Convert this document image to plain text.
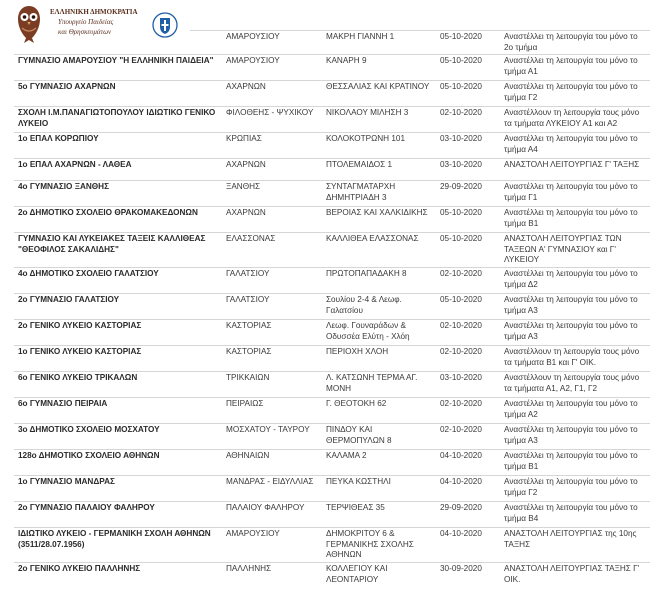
	ΑΜΑΡΟΥΣΙΟΥ	ΜΑΚΡΗ ΓΙΑΝΝΗ 1	05-10-2020	Αναστέλλει τη λειτουργία του μόνο το 2ο τμήμα
ΓΥΜΝΑΣΙΟ ΑΜΑΡΟΥΣΙΟΥ "Η ΕΛΛΗΝΙΚΗ ΠΑΙΔΕΙΑ"	ΑΜΑΡΟΥΣΙΟΥ	ΚΑΝΑΡΗ 9	05-10-2020	Αναστέλλει τη λειτουργία του μόνο το τμήμα Α1
5ο ΓΥΜΝΑΣΙΟ ΑΧΑΡΝΩΝ	ΑΧΑΡΝΩΝ	ΘΕΣΣΑΛΙΑΣ ΚΑΙ ΚΡΑΤΙΝΟΥ	05-10-2020	Αναστέλλει τη λειτουργία του μόνο το τμήμα Γ2
ΣΧΟΛΗ Ι.Μ.ΠΑΝΑΓΙΩΤΟΠΟΥΛΟΥ ΙΔΙΩΤΙΚΟ ΓΕΝΙΚΟ ΛΥΚΕΙΟ	ΦΙΛΟΘΕΗΣ - ΨΥΧΙΚΟΥ	ΝΙΚΟΛΑΟΥ ΜΙΛΗΣΗ 3	02-10-2020	Αναστέλλουν τη λειτουργία τους μόνο τα τμήματα ΛΥΚΕΙΟΥ Α1 και Α2
1ο ΕΠΑΛ ΚΟΡΩΠΙΟΥ	ΚΡΩΠΙΑΣ	ΚΟΛΟΚΟΤΡΩΝΗ 101	03-10-2020	Αναστέλλει τη λειτουργία του μόνο το τμήμα Α4
1ο ΕΠΑΛ ΑΧΑΡΝΩΝ - ΛΑΘΕΑ	ΑΧΑΡΝΩΝ	ΠΤΟΛΕΜΑΙΔΟΣ 1	03-10-2020	ΑΝΑΣΤΟΛΗ ΛΕΙΤΟΥΡΓΙΑΣ Γ' ΤΑΞΗΣ
4ο ΓΥΜΝΑΣΙΟ ΞΑΝΘΗΣ	ΞΑΝΘΗΣ	ΣΥΝΤΑΓΜΑΤΑΡΧΗ ΔΗΜΗΤΡΙΑΔΗ 3	29-09-2020	Αναστέλλει τη λειτουργία του μόνο το τμήμα Γ1
2ο ΔΗΜΟΤΙΚΟ ΣΧΟΛΕΙΟ ΘΡΑΚΟΜΑΚΕΔΟΝΩΝ	ΑΧΑΡΝΩΝ	ΒΕΡΟΙΑΣ ΚΑΙ ΧΑΛΚΙΔΙΚΗΣ	05-10-2020	Αναστέλλει τη λειτουργία του μόνο το τμήμα Β1
ΓΥΜΝΑΣΙΟ ΚΑΙ ΛΥΚΕΙΑΚΕΣ ΤΑΞΕΙΣ ΚΑΛΛΙΘΕΑΣ "ΘΕΟΦΙΛΟΣ ΣΑΚΑΛΙΔΗΣ"	ΕΛΑΣΣΟΝΑΣ	ΚΑΛΛΙΘΕΑ ΕΛΑΣΣΟΝΑΣ	05-10-2020	ΑΝΑΣΤΟΛΗ ΛΕΙΤΟΥΡΓΙΑΣ ΤΩΝ ΤΑΞΕΩΝ Α' ΓΥΜΝΑΣΙΟΥ και Γ' ΛΥΚΕΙΟΥ
4ο ΔΗΜΟΤΙΚΟ ΣΧΟΛΕΙΟ ΓΑΛΑΤΣΙΟΥ	ΓΑΛΑΤΣΙΟΥ	ΠΡΩΤΟΠΑΠΑΔΑΚΗ 8	02-10-2020	Αναστέλλει τη λειτουργία του μόνο το τμήμα Δ2
2ο ΓΥΜΝΑΣΙΟ ΓΑΛΑΤΣΙΟΥ	ΓΑΛΑΤΣΙΟΥ	Σουλίου 2-4 & Λεωφ. Γαλατσίου	05-10-2020	Αναστέλλει τη λειτουργία του μόνο το τμήμα Α3
2ο ΓΕΝΙΚΟ ΛΥΚΕΙΟ ΚΑΣΤΟΡΙΑΣ	ΚΑΣΤΟΡΙΑΣ	Λεωφ. Γουναράδων & Οδυσσέα Ελύτη - Χλόη	02-10-2020	Αναστέλλει τη λειτουργία του μόνο το τμήμα Α3
1ο ΓΕΝΙΚΟ ΛΥΚΕΙΟ ΚΑΣΤΟΡΙΑΣ	ΚΑΣΤΟΡΙΑΣ	ΠΕΡΙΟΧΗ ΧΛΟΗ	02-10-2020	Αναστέλλουν τη λειτουργία τους μόνο τα τμήματα Β1 και Γ' ΟΙΚ.
6ο ΓΕΝΙΚΟ ΛΥΚΕΙΟ ΤΡΙΚΑΛΩΝ	ΤΡΙΚΚΑΙΩΝ	Λ. ΚΑΤΣΩΝΗ ΤΕΡΜΑ ΑΓ. ΜΟΝΗ	03-10-2020	Αναστέλλουν τη λειτουργία τους μόνο τα τμήματα Α1, Α2, Γ1, Γ2
6ο ΓΥΜΝΑΣΙΟ ΠΕΙΡΑΙΑ	ΠΕΙΡΑΙΩΣ	Γ. ΘΕΟΤΟΚΗ 62	02-10-2020	Αναστέλλει τη λειτουργία του μόνο το τμήμα Α2
3ο ΔΗΜΟΤΙΚΟ ΣΧΟΛΕΙΟ ΜΟΣΧΑΤΟΥ	ΜΟΣΧΑΤΟΥ - ΤΑΥΡΟΥ	ΠΙΝΔΟΥ ΚΑΙ ΘΕΡΜΟΠΥΛΩΝ 8	02-10-2020	Αναστέλλει τη λειτουργία του μόνο το τμήμα Α3
128ο ΔΗΜΟΤΙΚΟ ΣΧΟΛΕΙΟ ΑΘΗΝΩΝ	ΑΘΗΝΑΙΩΝ	ΚΑΛΑΜΑ 2	04-10-2020	Αναστέλλει τη λειτουργία του μόνο το τμήμα Β1
1ο ΓΥΜΝΑΣΙΟ ΜΑΝΔΡΑΣ	ΜΑΝΔΡΑΣ - ΕΙΔΥΛΛΙΑΣ	ΠΕΥΚΑ ΚΩΣΤΗΛΙ	04-10-2020	Αναστέλλει τη λειτουργία του μόνο το τμήμα Γ2
2ο ΓΥΜΝΑΣΙΟ ΠΑΛΑΙΟΥ ΦΑΛΗΡΟΥ	ΠΑΛΑΙΟΥ ΦΑΛΗΡΟΥ	ΤΕΡΨΙΘΕΑΣ 35	29-09-2020	Αναστέλλει τη λειτουργία του μόνο το τμήμα Β4
ΙΔΙΩΤΙΚΟ ΛΥΚΕΙΟ - ΓΕΡΜΑΝΙΚΗ ΣΧΟΛΗ ΑΘΗΝΩΝ (3511/28.07.1956)	ΑΜΑΡΟΥΣΙΟΥ	ΔΗΜΟΚΡΙΤΟΥ 6 & ΓΕΡΜΑΝΙΚΗΣ ΣΧΟΛΗΣ ΑΘΗΝΩΝ	04-10-2020	ΑΝΑΣΤΟΛΗ ΛΕΙΤΟΥΡΓΙΑΣ της 10ης ΤΑΞΗΣ
2ο ΓΕΝΙΚΟ ΛΥΚΕΙΟ ΠΑΛΛΗΝΗΣ	ΠΑΛΛΗΝΗΣ	ΚΟΛΛΕΓΙΟΥ ΚΑΙ ΛΕΟΝΤΑΡΙΟΥ	30-09-2020	ΑΝΑΣΤΟΛΗ ΛΕΙΤΟΥΡΓΙΑΣ ΤΑΞΗΣ Γ' ΟΙΚ.
ΕΛΛΗΝΙΚΗ ΔΗΜΟΚΡΑΤΙΑ
Υπουργείο Παιδείας
και Θρησκευμάτων
